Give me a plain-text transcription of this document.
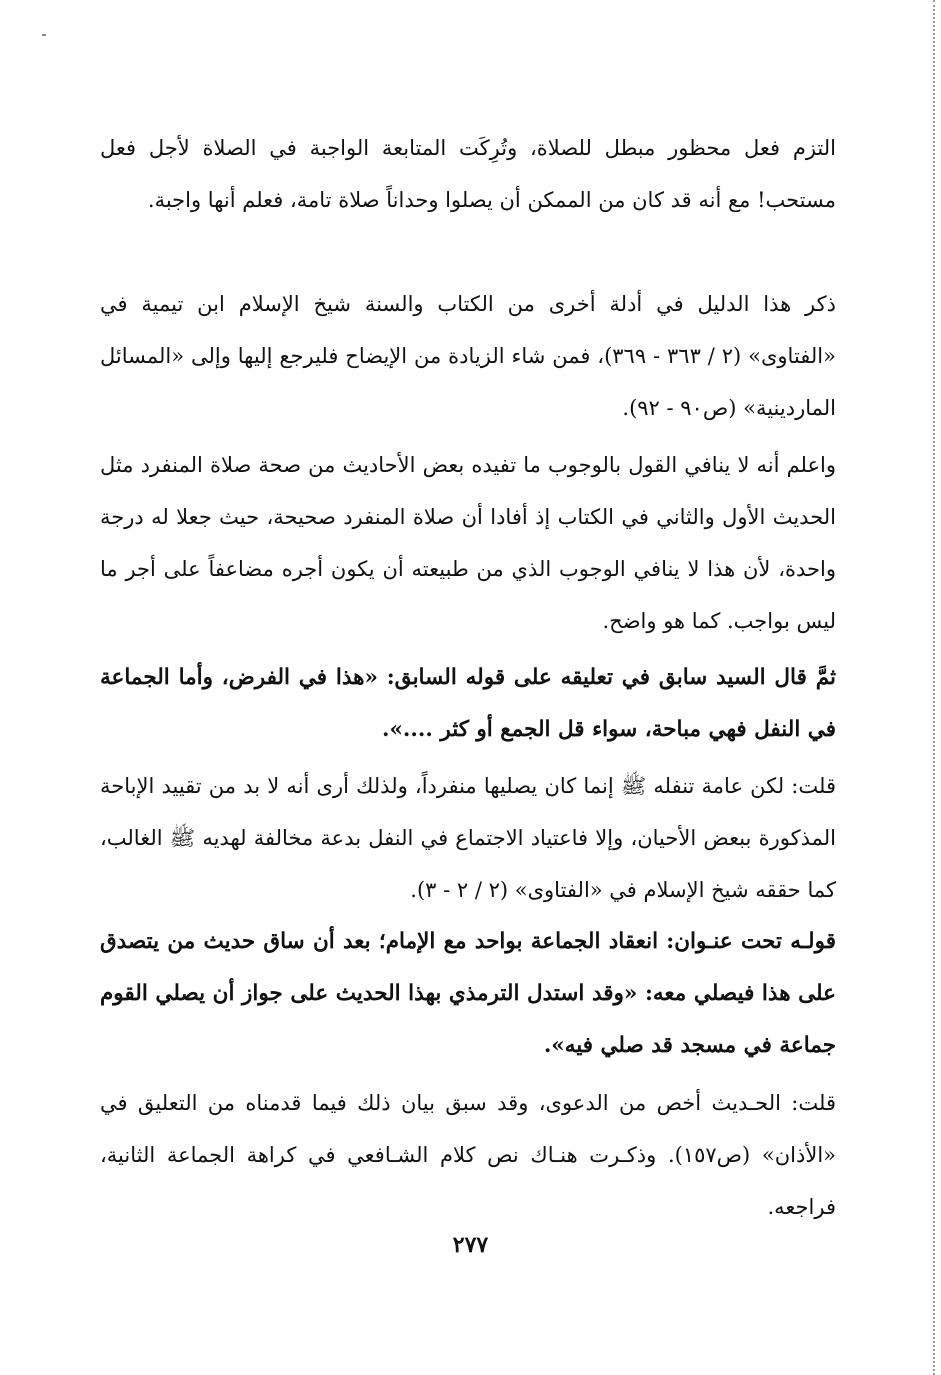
التزم فعل محظور مبطل للصلاة، وتُرِكَت المتابعة الواجبة في الصلاة لأجل فعل مستحب! مع أنه قد كان من الممكن أن يصلوا وحداناً صلاة تامة، فعلم أنها واجبة.

ذكر هذا الدليل في أدلة أخرى من الكتاب والسنة شيخ الإسلام ابن تيمية في «الفتاوى» (٢ / ٣٦٣ - ٣٦٩)، فمن شاء الزيادة من الإيضاح فليرجع إليها وإلى «المسائل الماردينية» (ص٩٠ - ٩٢).

واعلم أنه لا ينافي القول بالوجوب ما تفيده بعض الأحاديث من صحة صلاة المنفرد مثل الحديث الأول والثاني في الكتاب إذ أفادا أن صلاة المنفرد صحيحة، حيث جعلا له درجة واحدة، لأن هذا لا ينافي الوجوب الذي من طبيعته أن يكون أجره مضاعفاً على أجر ما ليس بواجب. كما هو واضح.

ثمَّ قال السيد سابق في تعليقه على قوله السابق: «هذا في الفرض، وأما الجماعة في النفل فهي مباحة، سواء قل الجمع أو كثر ....».

قلت: لكن عامة تنفله ﷺ إنما كان يصليها منفرداً، ولذلك أرى أنه لا بد من تقييد الإباحة المذكورة ببعض الأحيان، وإلا فاعتياد الاجتماع في النفل بدعة مخالفة لهديه ﷺ الغالب، كما حققه شيخ الإسلام في «الفتاوى» (٢ / ٢ - ٣).

قولـه تحت عنـوان: انعقاد الجماعة بواحد مع الإمام؛ بعد أن ساق حديث من يتصدق على هذا فيصلي معه: «وقد استدل الترمذي بهذا الحديث على جواز أن يصلي القوم جماعة في مسجد قد صلي فيه».

قلت: الحـديث أخص من الدعوى، وقد سبق بيان ذلك فيما قدمناه من التعليق في «الأذان» (ص١٥٧). وذكـرت هنـاك نص كلام الشـافعي في كراهة الجماعة الثانية، فراجعه.

٢٧٧
